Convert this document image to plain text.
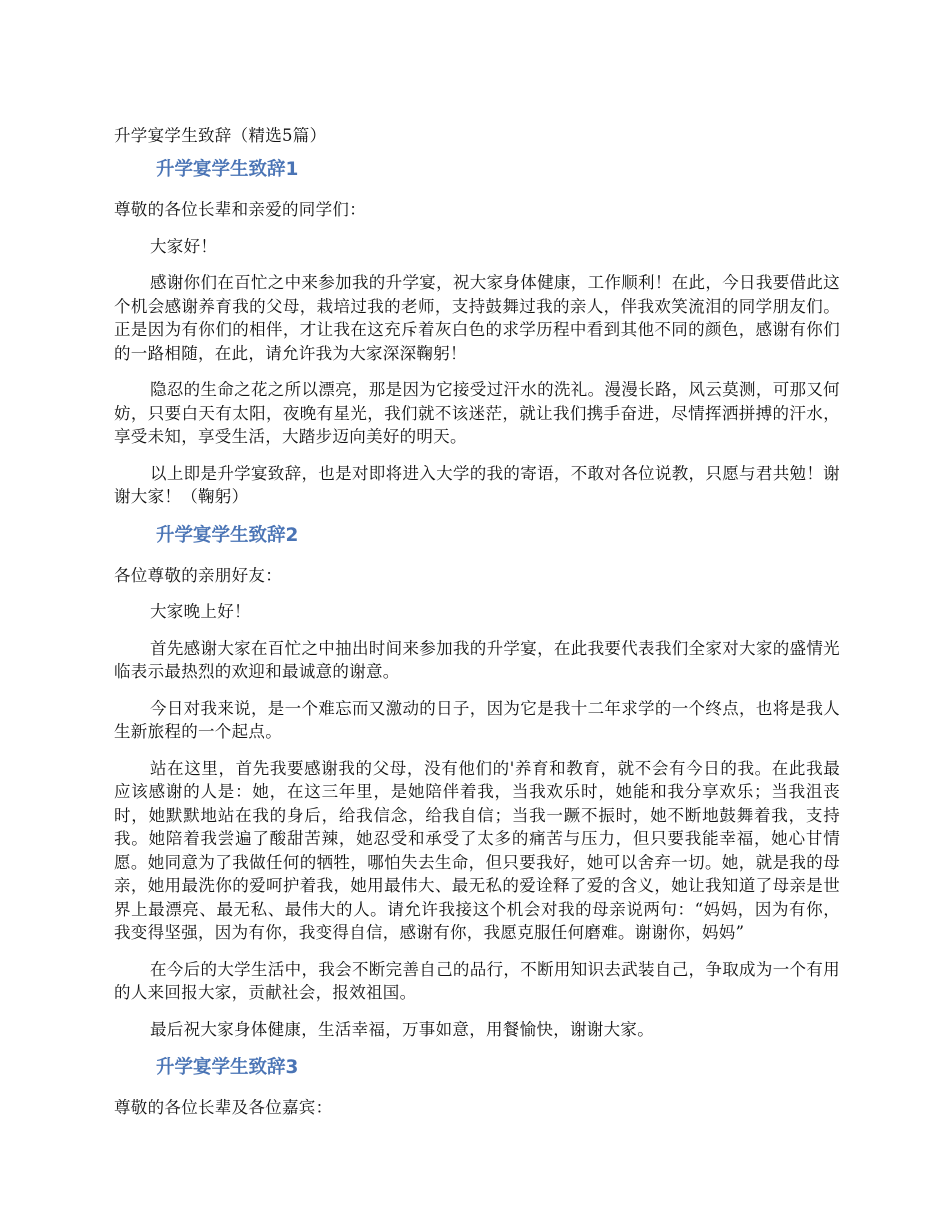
升学宴学生致辞（精选5篇）
升学宴学生致辞1

尊敬的各位长辈和亲爱的同学们：

大家好！

感谢你们在百忙之中来参加我的升学宴，祝大家身体健康，工作顺利！在此，今日我要借此这个机会感谢养育我的父母，栽培过我的老师，支持鼓舞过我的亲人，伴我欢笑流泪的同学朋友们。正是因为有你们的相伴，才让我在这充斥着灰白色的求学历程中看到其他不同的颜色，感谢有你们的一路相随，在此，请允许我为大家深深鞠躬！

隐忍的生命之花之所以漂亮，那是因为它接受过汗水的洗礼。漫漫长路，风云莫测，可那又何妨，只要白天有太阳，夜晚有星光，我们就不该迷茫，就让我们携手奋进，尽情挥洒拼搏的汗水，享受未知，享受生活，大踏步迈向美好的明天。

以上即是升学宴致辞，也是对即将进入大学的我的寄语，不敢对各位说教，只愿与君共勉！谢谢大家！（鞠躬）

升学宴学生致辞2

各位尊敬的亲朋好友：

大家晚上好！

首先感谢大家在百忙之中抽出时间来参加我的升学宴，在此我要代表我们全家对大家的盛情光临表示最热烈的欢迎和最诚意的谢意。

今日对我来说，是一个难忘而又激动的日子，因为它是我十二年求学的一个终点，也将是我人生新旅程的一个起点。

站在这里，首先我要感谢我的父母，没有他们的'养育和教育，就不会有今日的我。在此我最应该感谢的人是：她，在这三年里，是她陪伴着我，当我欢乐时，她能和我分享欢乐；当我沮丧时，她默默地站在我的身后，给我信念，给我自信；当我一蹶不振时，她不断地鼓舞着我，支持我。她陪着我尝遍了酸甜苦辣，她忍受和承受了太多的痛苦与压力，但只要我能幸福，她心甘情愿。她同意为了我做任何的牺牲，哪怕失去生命，但只要我好，她可以舍弃一切。她，就是我的母亲，她用最洗你的爱呵护着我，她用最伟大、最无私的爱诠释了爱的含义，她让我知道了母亲是世界上最漂亮、最无私、最伟大的人。请允许我接这个机会对我的母亲说两句：“妈妈，因为有你，我变得坚强，因为有你，我变得自信，感谢有你，我愿克服任何磨难。谢谢你，妈妈”

在今后的大学生活中，我会不断完善自己的品行，不断用知识去武装自己，争取成为一个有用的人来回报大家，贡献社会，报效祖国。

最后祝大家身体健康，生活幸福，万事如意，用餐愉快，谢谢大家。

升学宴学生致辞3

尊敬的各位长辈及各位嘉宾：
